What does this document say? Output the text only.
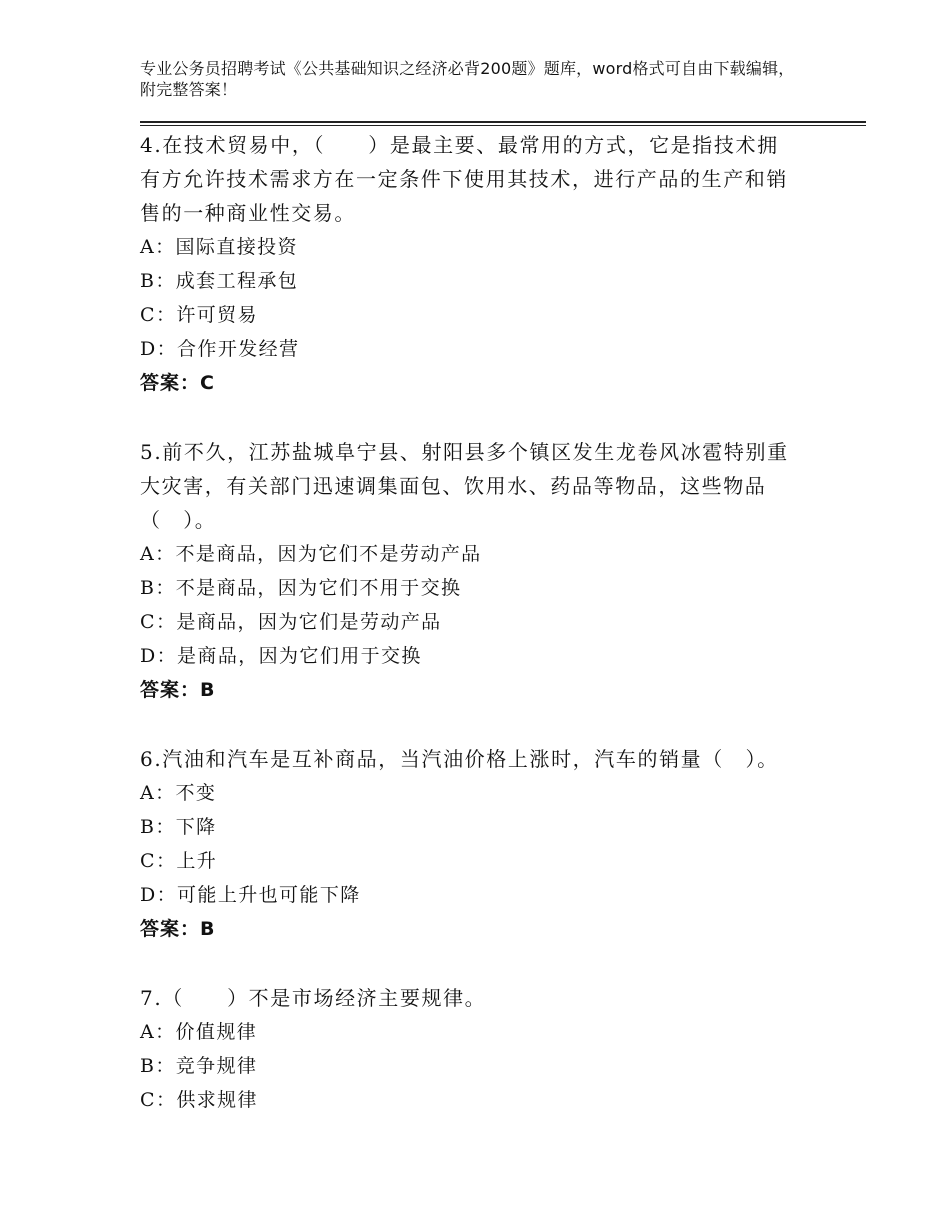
专业公务员招聘考试《公共基础知识之经济必背200题》题库，word格式可自由下载编辑，附完整答案！
4.在技术贸易中，（　　）是最主要、最常用的方式，它是指技术拥有方允许技术需求方在一定条件下使用其技术，进行产品的生产和销售的一种商业性交易。
A：国际直接投资
B：成套工程承包
C：许可贸易
D：合作开发经营
答案：C
5.前不久，江苏盐城阜宁县、射阳县多个镇区发生龙卷风冰雹特别重大灾害，有关部门迅速调集面包、饮用水、药品等物品，这些物品（　）。
A：不是商品，因为它们不是劳动产品
B：不是商品，因为它们不用于交换
C：是商品，因为它们是劳动产品
D：是商品，因为它们用于交换
答案：B
6.汽油和汽车是互补商品，当汽油价格上涨时，汽车的销量（　）。
A：不变
B：下降
C：上升
D：可能上升也可能下降
答案：B
7.（　　）不是市场经济主要规律。
A：价值规律
B：竞争规律
C：供求规律
